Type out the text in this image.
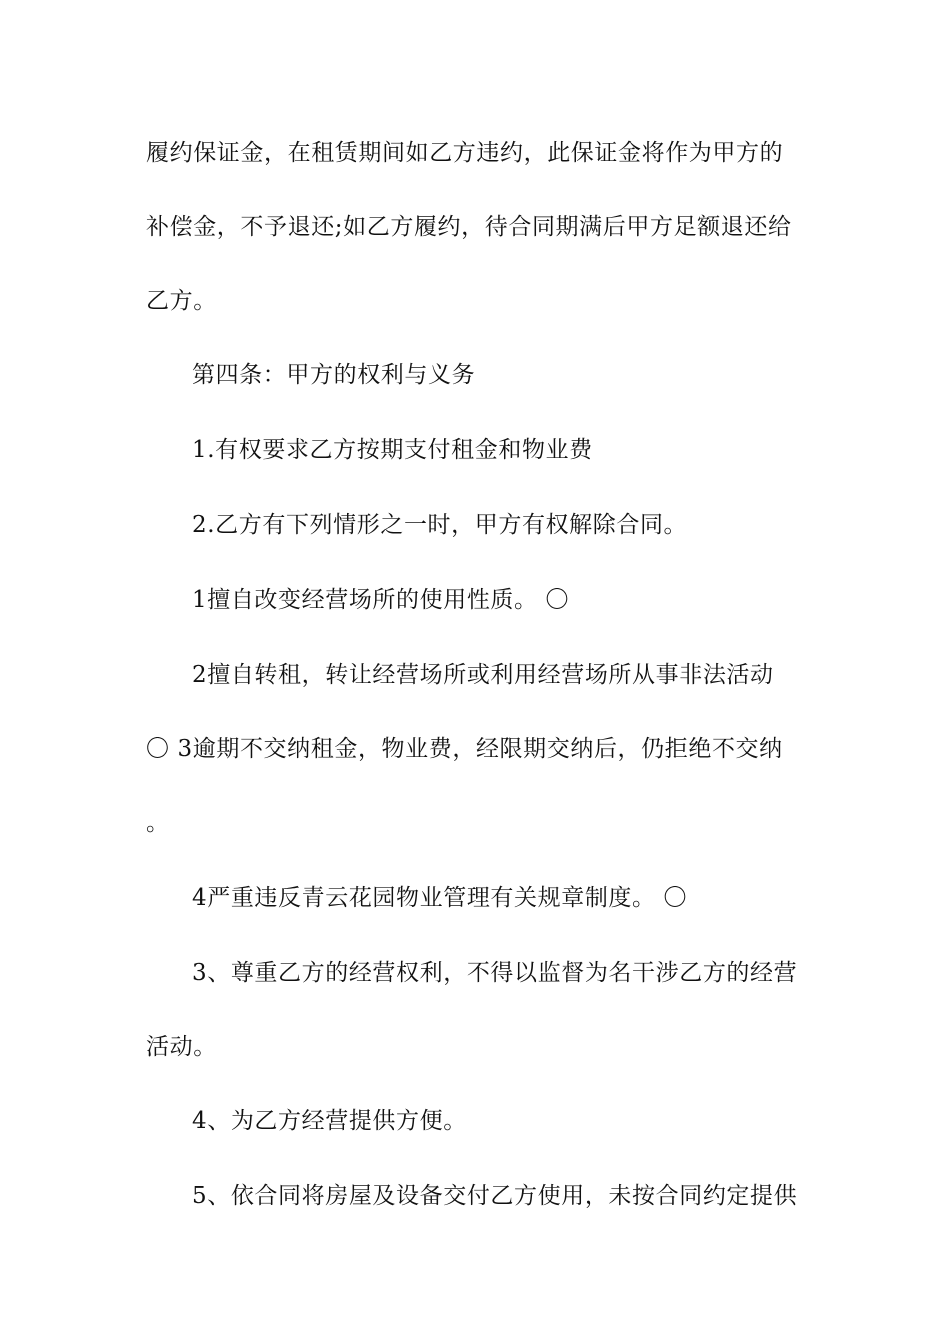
履约保证金，在租赁期间如乙方违约，此保证金将作为甲方的
补偿金，不予退还;如乙方履约，待合同期满后甲方足额退还给
乙方。
第四条：甲方的权利与义务
1.有权要求乙方按期支付租金和物业费
2.乙方有下列情形之一时，甲方有权解除合同。
1擅自改变经营场所的使用性质。 〇
2擅自转租，转让经营场所或利用经营场所从事非法活动
〇 3逾期不交纳租金，物业费，经限期交纳后，仍拒绝不交纳
。
4严重违反青云花园物业管理有关规章制度。 〇
3、尊重乙方的经营权利，不得以监督为名干涉乙方的经营
活动。
4、为乙方经营提供方便。
5、依合同将房屋及设备交付乙方使用，未按合同约定提供
